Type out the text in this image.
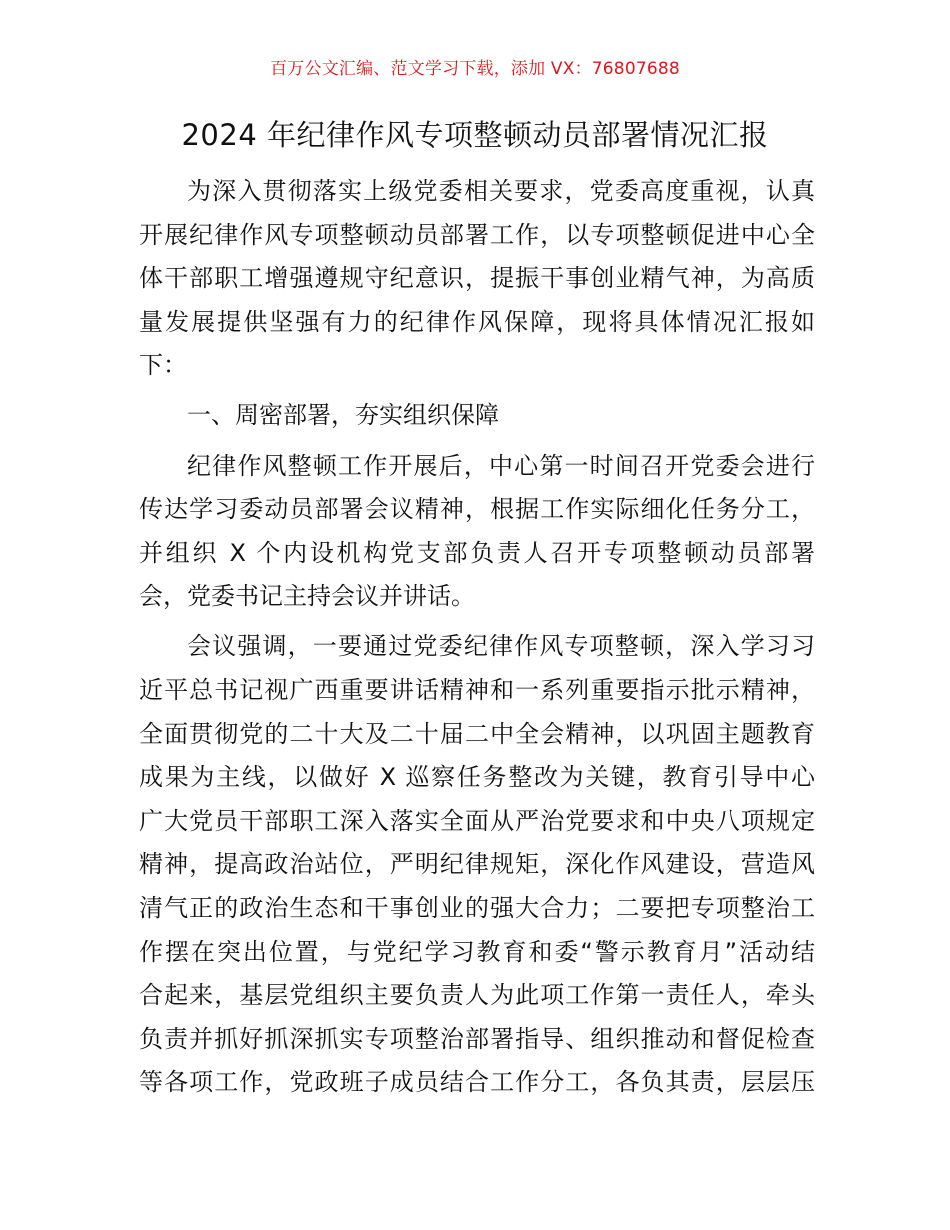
百万公文汇编、范文学习下载，添加 VX：76807688
2024 年纪律作风专项整顿动员部署情况汇报
为深入贯彻落实上级党委相关要求，党委高度重视，认真
开展纪律作风专项整顿动员部署工作，以专项整顿促进中心全
体干部职工增强遵规守纪意识，提振干事创业精气神，为高质
量发展提供坚强有力的纪律作风保障，现将具体情况汇报如
下：
一、周密部署，夯实组织保障
纪律作风整顿工作开展后，中心第一时间召开党委会进行
传达学习委动员部署会议精神，根据工作实际细化任务分工，
并组织 X 个内设机构党支部负责人召开专项整顿动员部署
会，党委书记主持会议并讲话。
会议强调，一要通过党委纪律作风专项整顿，深入学习习
近平总书记视广西重要讲话精神和一系列重要指示批示精神，
全面贯彻党的二十大及二十届二中全会精神，以巩固主题教育
成果为主线，以做好 X 巡察任务整改为关键，教育引导中心
广大党员干部职工深入落实全面从严治党要求和中央八项规定
精神，提高政治站位，严明纪律规矩，深化作风建设，营造风
清气正的政治生态和干事创业的强大合力；二要把专项整治工
作摆在突出位置，与党纪学习教育和委“警示教育月”活动结
合起来，基层党组织主要负责人为此项工作第一责任人，牵头
负责并抓好抓深抓实专项整治部署指导、组织推动和督促检查
等各项工作，党政班子成员结合工作分工，各负其责，层层压
